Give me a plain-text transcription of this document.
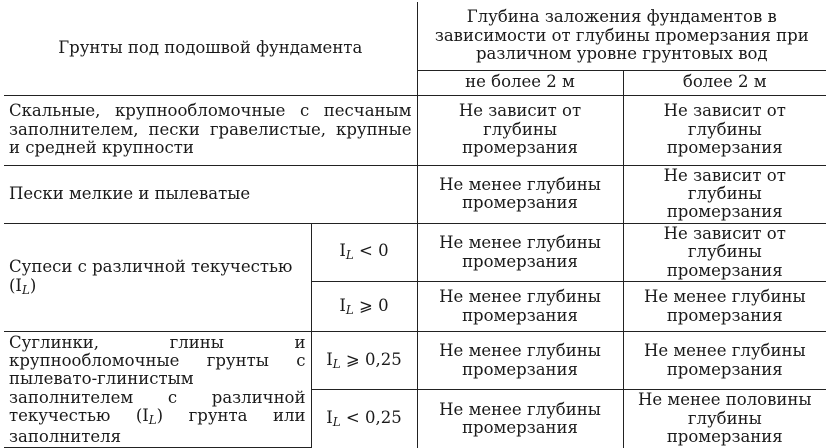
Грунты под подошвой фундамента		Глубина заложения фундаментов в зависимости от глубины промерзания при различном уровне грунтовых вод	
		не более 2 м	более 2 м
Скальные, крупнообломочные с песчаным заполнителем, пески гравелистые, крупные и средней крупности		Не зависит от глубины промерзания	Не зависит от глубины промерзания
Пески мелкие и пылеватые		Не менее глубины промерзания	Не зависит от глубины промерзания
Супеси с различной текучестью $(I_L)$	$I_L < 0$	Не менее глубины промерзания	Не зависит от глубины промерзания
	$I_L$ ⩾ 0	Не менее глубины промерзания	Не менее глубины промерзания
Суглинки, глины и крупнообломочные грунты с пылевато-глинистым заполнителем с различной текучестью $(I_L)$ грунта или заполнителя	$I_L$ ⩾ 0,25	Не менее глубины промерзания	Не менее глубины промерзания
	$I_L < 0,25$	Не менее глубины промерзания	Не менее половины глубины промерзания
